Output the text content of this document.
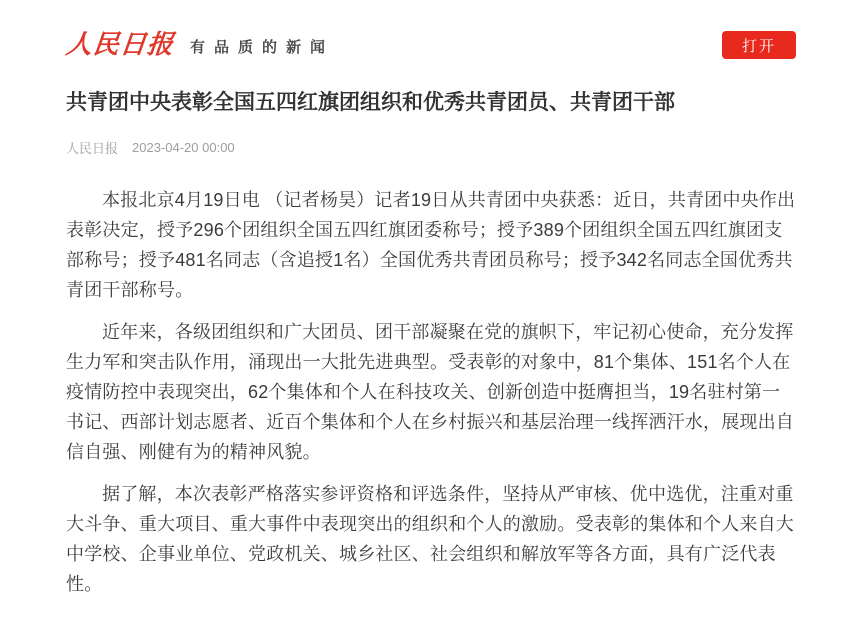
人民日报 有品质的新闻	打开
共青团中央表彰全国五四红旗团组织和优秀共青团员、共青团干部
人民日报 2023-04-20 00:00

本报北京4月19日电 （记者杨昊）记者19日从共青团中央获悉：近日，共青团中央作出表彰决定，授予296个团组织全国五四红旗团委称号；授予389个团组织全国五四红旗团支部称号；授予481名同志（含追授1名）全国优秀共青团员称号；授予342名同志全国优秀共青团干部称号。

近年来，各级团组织和广大团员、团干部凝聚在党的旗帜下，牢记初心使命，充分发挥生力军和突击队作用，涌现出一大批先进典型。受表彰的对象中，81个集体、151名个人在疫情防控中表现突出，62个集体和个人在科技攻关、创新创造中挺膺担当，19名驻村第一书记、西部计划志愿者、近百个集体和个人在乡村振兴和基层治理一线挥洒汗水，展现出自信自强、刚健有为的精神风貌。

据了解，本次表彰严格落实参评资格和评选条件，坚持从严审核、优中选优，注重对重大斗争、重大项目、重大事件中表现突出的组织和个人的激励。受表彰的集体和个人来自大中学校、企事业单位、党政机关、城乡社区、社会组织和解放军等各方面，具有广泛代表性。
